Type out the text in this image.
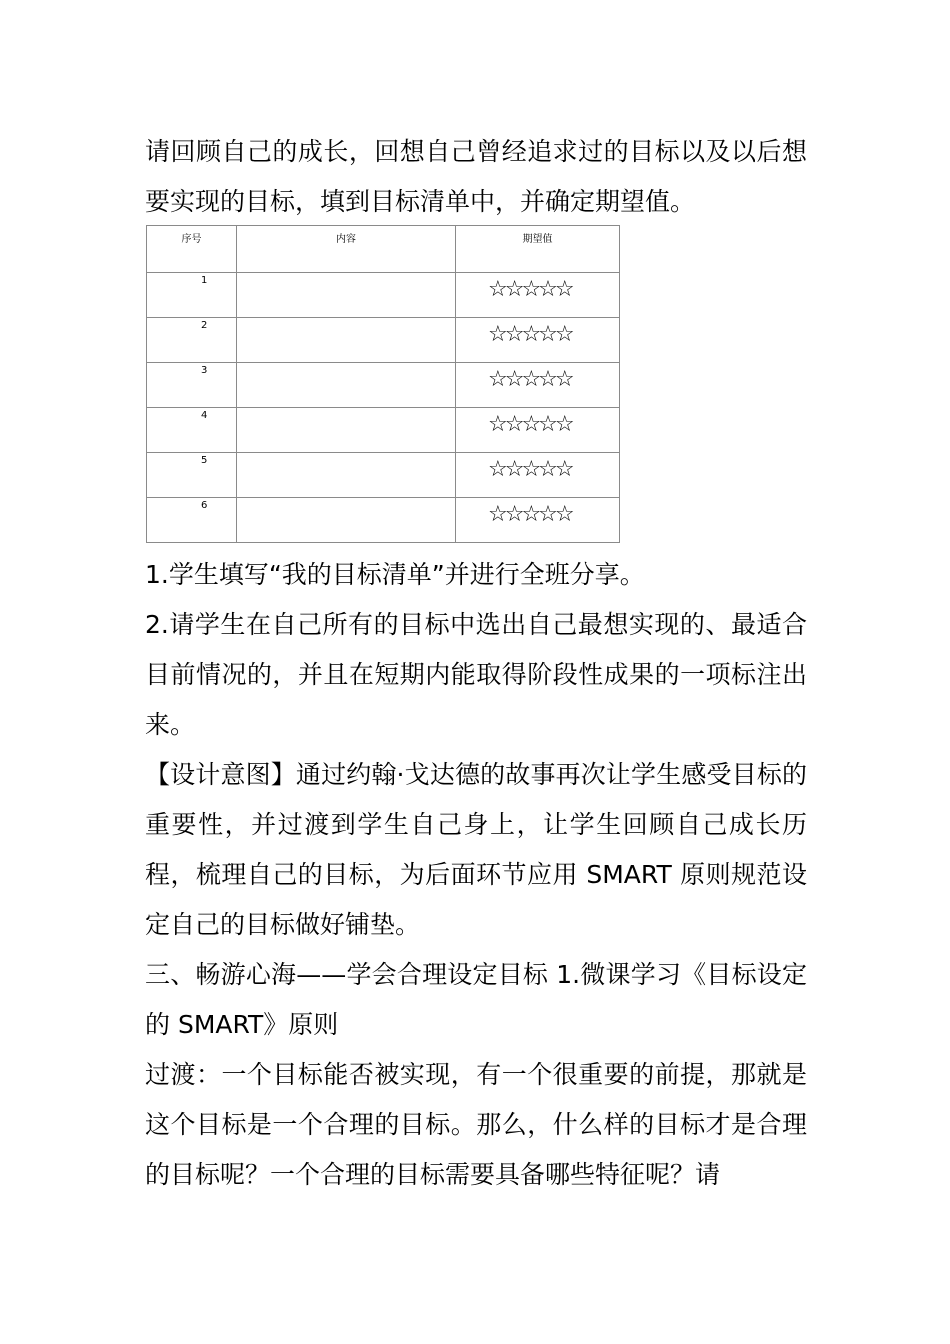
请回顾自己的成长，回想自己曾经追求过的目标以及以后想要实现的目标，填到目标清单中，并确定期望值。

序号	内容	期望值
1		☆☆☆☆☆

2		☆☆☆☆☆

3		☆☆☆☆☆

4		☆☆☆☆☆

5		☆☆☆☆☆

6		☆☆☆☆☆
1.学生填写“我的目标清单”并进行全班分享。
2.请学生在自己所有的目标中选出自己最想实现的、最适合目前情况的，并且在短期内能取得阶段性成果的一项标注出来。
【设计意图】通过约翰·戈达德的故事再次让学生感受目标的重要性，并过渡到学生自己身上，让学生回顾自己成长历程，梳理自己的目标，为后面环节应用 SMART 原则规范设定自己的目标做好铺垫。
三、畅游心海——学会合理设定目标 1.微课学习《目标设定的 SMART》原则
过渡：一个目标能否被实现，有一个很重要的前提，那就是这个目标是一个合理的目标。那么，什么样的目标才是合理的目标呢？一个合理的目标需要具备哪些特征呢？请
